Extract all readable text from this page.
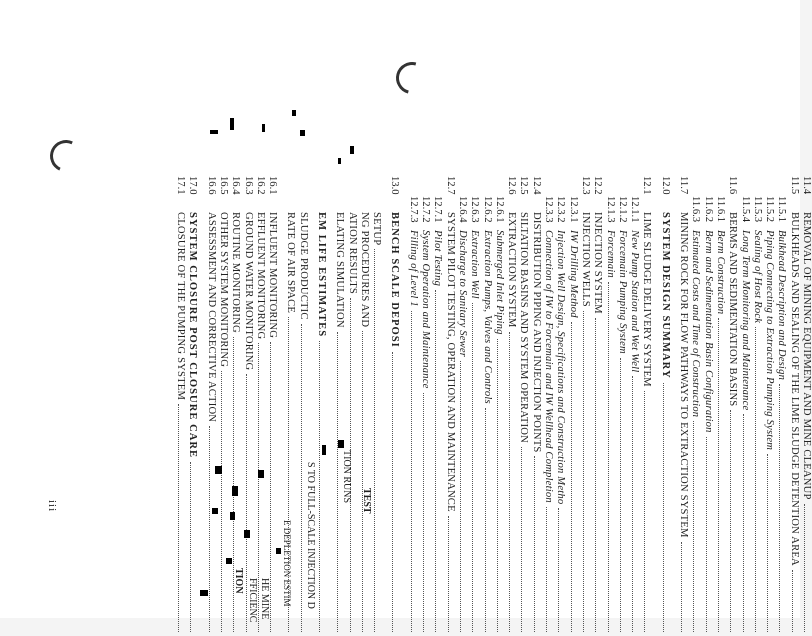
11.4
REMOVAL OF MINING EQUIPMENT AND MINE CLEANUP
11.5
BULKHEADS AND SEALING OF THE LIME SLUDGE DETENTION AREA
11.5.1
Bulkhead Description and Design
11.5.2
Piping Connecting to Extraction Pumping System
11.5.3
Sealing of Host Rock
11.5.4
Long Term Monitoring and Maintenance
11.6
BERMS AND SEDIMENTATION BASINS
11.6.1
Berm Construction
11.6.2
Berm and Sedimentation Basin Configuration
11.6.3
Estimated Costs and Time of Construction
11.7
MINING ROCK FOR FLOW PATHWAYS TO EXTRACTION SYSTEM
12.0
SYSTEM DESIGN SUMMARY
12.1
LIME SLUDGE DELIVERY SYSTEM
12.1.1
New Pump Station and Wet Well
12.1.2
Forcemain Pumping System
12.1.3
Forcemain
12.2
INJECTION SYSTEM
12.3
INJECTION WELLS
12.3.1
IW Drilling Method
12.3.2
Injection Well Design, Specifications and Construction Metho
12.3.3
Connection of IW to Forcemain and IW Wellhead Completion
12.4
DISTRIBUTION PIPING AND INJECTION POINTS
12.5
SILTATION BASINS AND SYSTEM OPERATION
12.6
EXTRACTION SYSTEM
12.6.1
Submerged Inlet Piping
12.6.2
Extraction Pumps, Valves and Controls
12.6.3
Extraction Well
12.6.4
Discharge to Sanitary Sewer
12.7
SYSTEM PILOT TESTING, OPERATION AND MAINTENANCE
12.7.1
Pilot Testing
12.7.2
System Operation and Maintenance
12.7.3
Filling of Level 1
13.0
BENCH SCALE DEPOSI
SETUP
NG PROCEDURES AND
ATION RESULTS
ELATING SIMULATION
EM LIFE ESTIMATES
SLUDGE PRODUCTIC
RATE OF AIR SPACE
16.1
INFLUENT MONITORING
16.2
EFFLUENT MONITORING
16.3
GROUND WATER MONITORING
16.4
ROUTINE MONITORING
16.5
OTHER SYSTEM MONITORING
16.6
ASSESSMENT AND CORRECTIVE ACTION
17.0
SYSTEM CLOSURE POST CLOSURE CARE
17.1
CLOSURE OF THE PUMPING SYSTEM
iii
TION RUNS TEST
S TO FULL-SCALE INJECTION D
E DEPLETION ESTIM
HE MINE
FFICIENC
TION
